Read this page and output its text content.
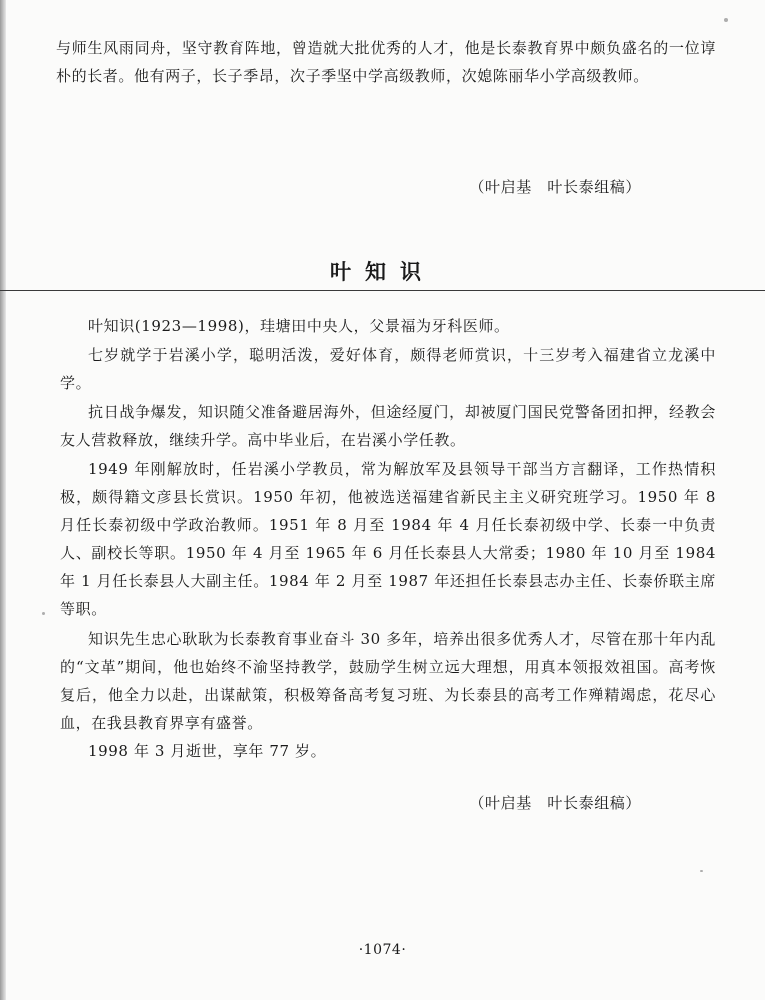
与师生风雨同舟，坚守教育阵地，曾造就大批优秀的人才，他是长泰教育界中颇负盛名的一位谆朴的长者。他有两子，长子季昂，次子季坚中学高级教师，次媳陈丽华小学高级教师。

（叶启基　叶长泰组稿）
叶知识

叶知识(1923—1998)，珪塘田中央人，父景福为牙科医师。

七岁就学于岩溪小学，聪明活泼，爱好体育，颇得老师赏识，十三岁考入福建省立龙溪中学。

抗日战争爆发，知识随父准备避居海外，但途经厦门，却被厦门国民党警备团扣押，经教会友人营救释放，继续升学。高中毕业后，在岩溪小学任教。

1949 年刚解放时，任岩溪小学教员，常为解放军及县领导干部当方言翻译，工作热情积极，颇得籍文彦县长赏识。1950 年初，他被选送福建省新民主主义研究班学习。1950 年 8 月任长泰初级中学政治教师。1951 年 8 月至 1984 年 4 月任长泰初级中学、长泰一中负责人、副校长等职。1950 年 4 月至 1965 年 6 月任长泰县人大常委；1980 年 10 月至 1984 年 1 月任长泰县人大副主任。1984 年 2 月至 1987 年还担任长泰县志办主任、长泰侨联主席等职。

知识先生忠心耿耿为长泰教育事业奋斗 30 多年，培养出很多优秀人才，尽管在那十年内乱的“文革”期间，他也始终不渝坚持教学，鼓励学生树立远大理想，用真本领报效祖国。高考恢复后，他全力以赴，出谋献策，积极筹备高考复习班、为长泰县的高考工作殚精竭虑，花尽心血，在我县教育界享有盛誉。

1998 年 3 月逝世，享年 77 岁。

（叶启基　叶长泰组稿）
·1074·
